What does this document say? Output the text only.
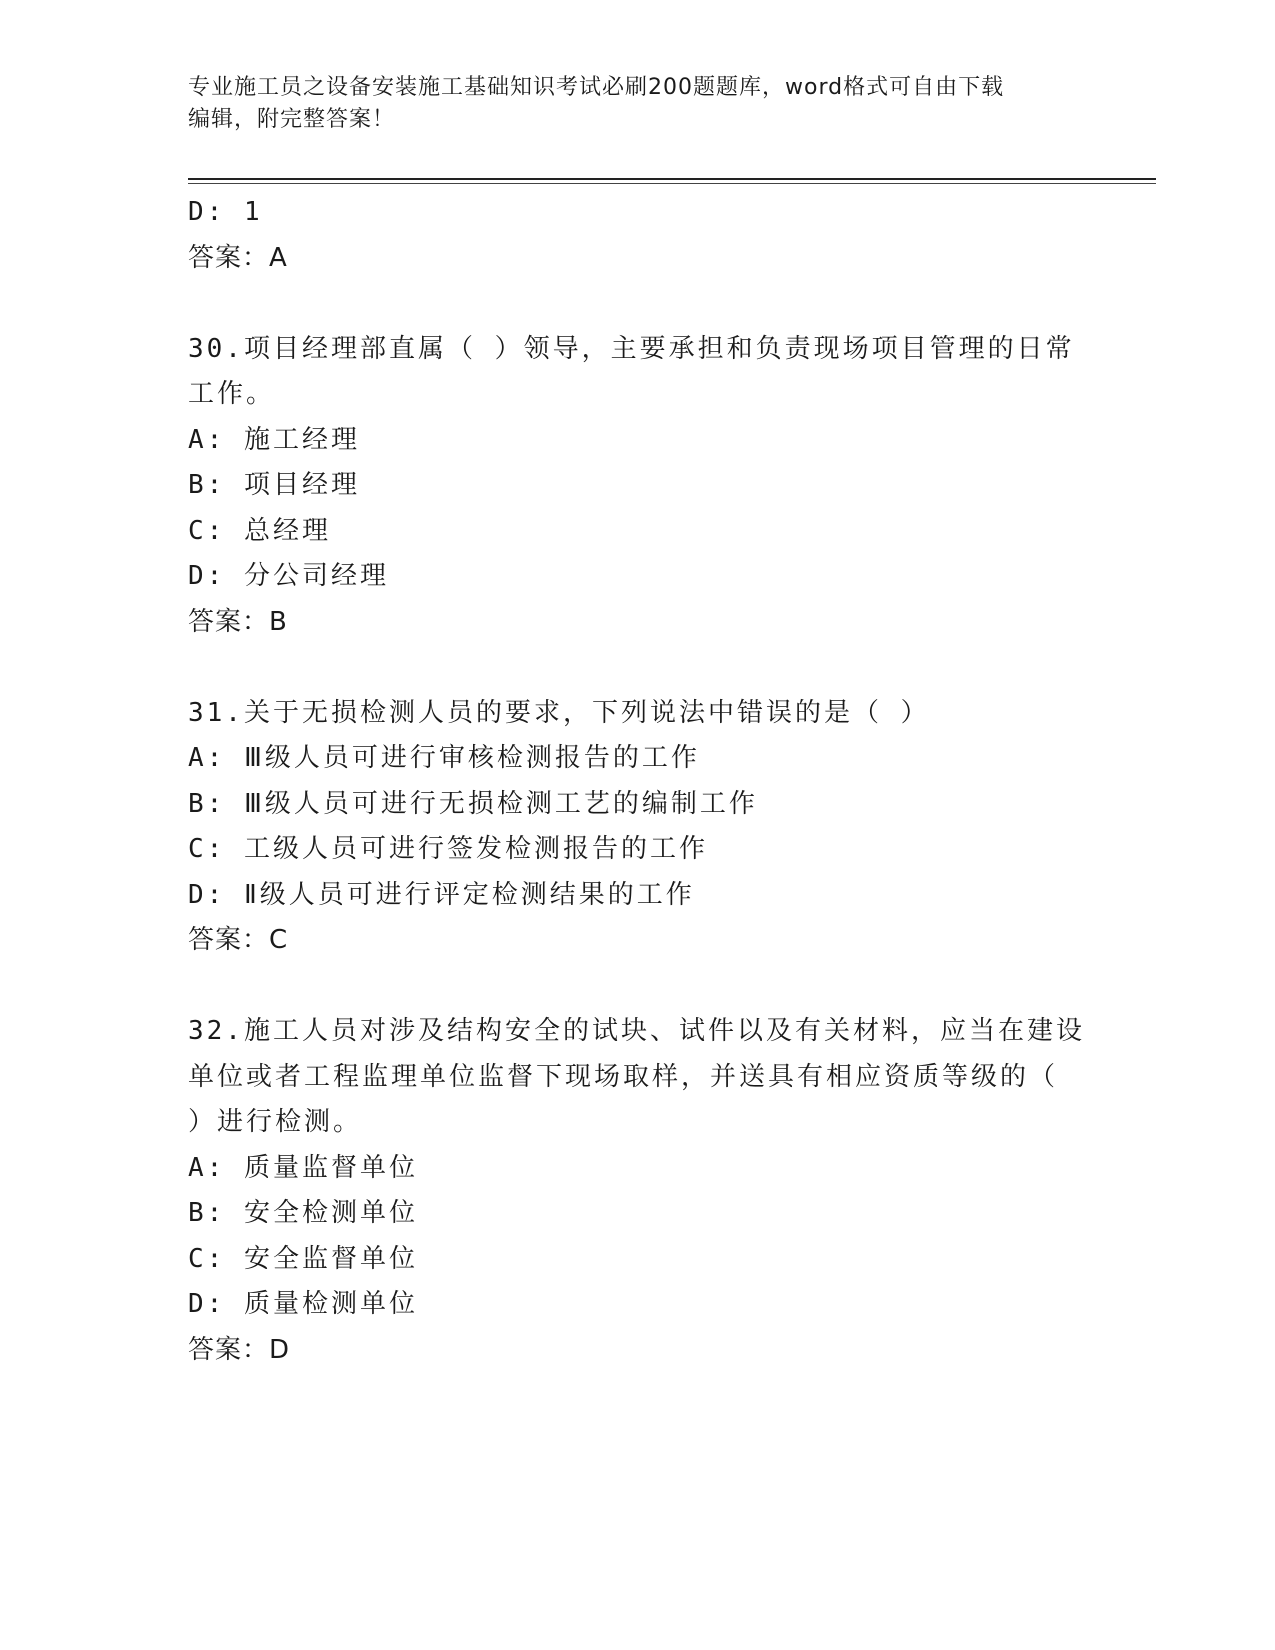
专业施工员之设备安装施工基础知识考试必刷200题题库，word格式可自由下载
编辑，附完整答案！
D: 1
答案：A
30.项目经理部直属（ ）领导，主要承担和负责现场项目管理的日常
工作。
A: 施工经理
B: 项目经理
C: 总经理
D: 分公司经理
答案：B
31.关于无损检测人员的要求，下列说法中错误的是（ ）
A: Ⅲ级人员可进行审核检测报告的工作
B: Ⅲ级人员可进行无损检测工艺的编制工作
C: 工级人员可进行签发检测报告的工作
D: Ⅱ级人员可进行评定检测结果的工作
答案：C
32.施工人员对涉及结构安全的试块、试件以及有关材料，应当在建设
单位或者工程监理单位监督下现场取样，并送具有相应资质等级的（
）进行检测。
A: 质量监督单位
B: 安全检测单位
C: 安全监督单位
D: 质量检测单位
答案：D
